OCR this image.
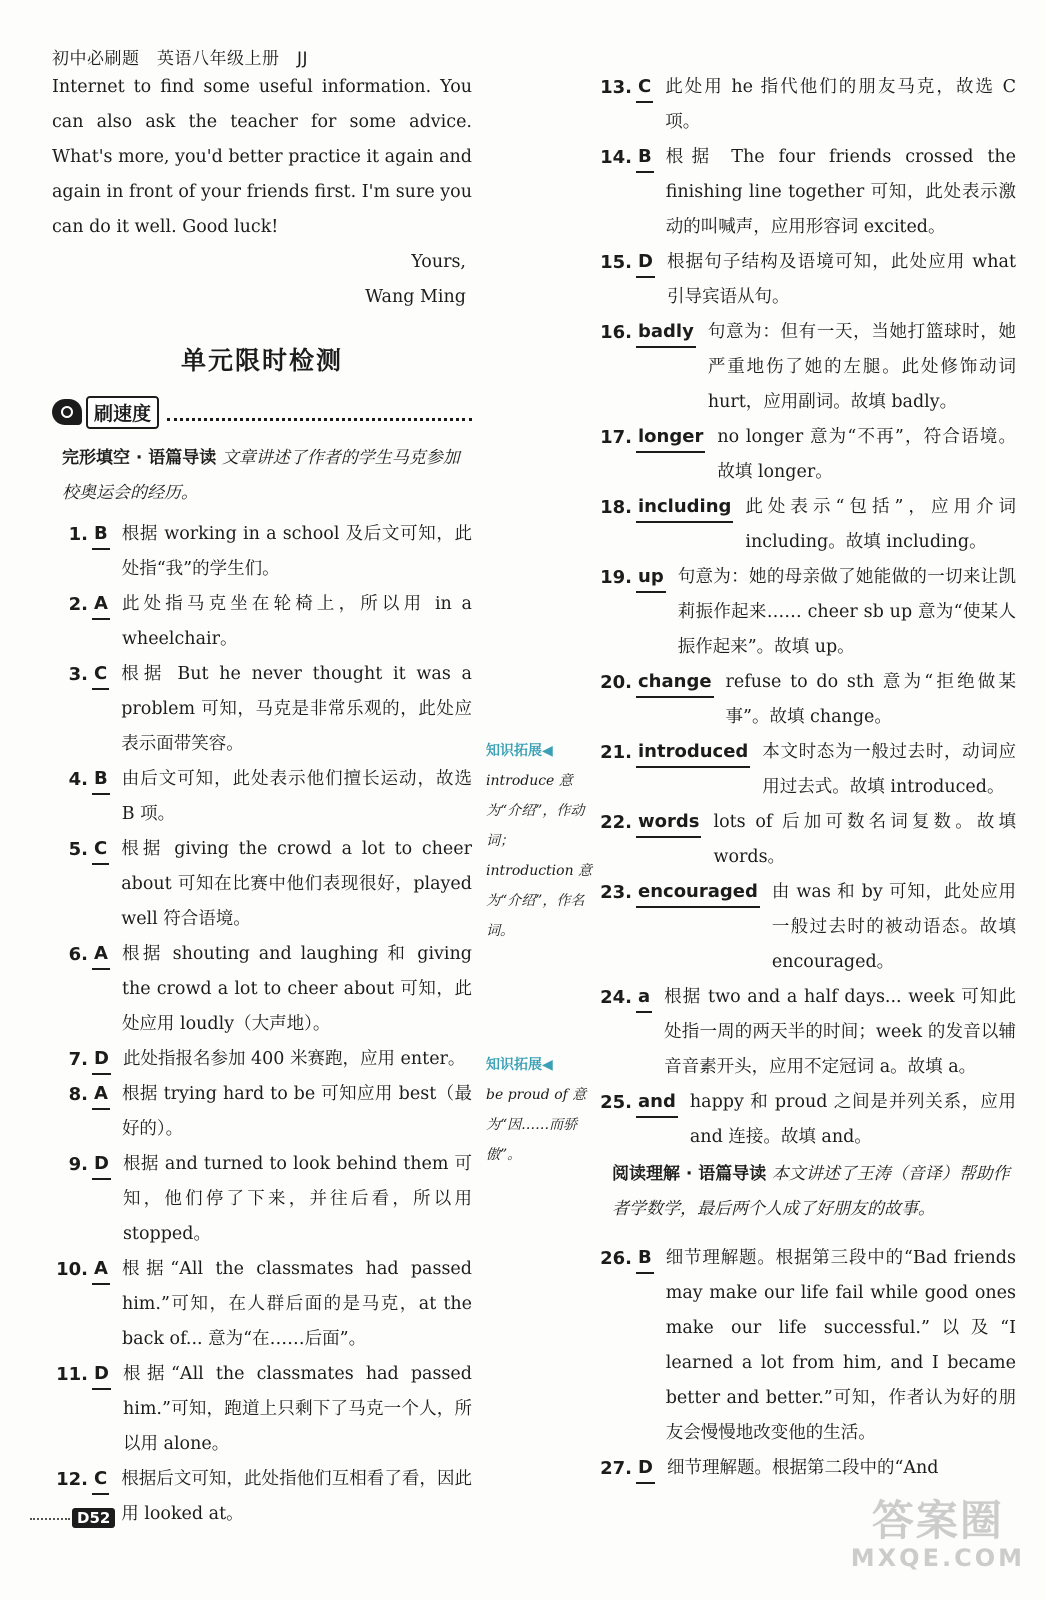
初中必刷题　英语八年级上册　JJ

Internet to find some useful information. You can also ask the teacher for some advice. What's more, you'd better practice it again and again in front of your friends first. I'm sure you can do it well. Good luck!

Yours,
Wang Ming
单元限时检测
刷速度

完形填空 · 语篇导读 文章讲述了作者的学生马克参加校奥运会的经历。

1. B 根据 working in a school 及后文可知，此处指“我”的学生们。
2. A 此处指马克坐在轮椅上，所以用 in a wheelchair。
3. C 根据 But he never thought it was a problem 可知，马克是非常乐观的，此处应表示面带笑容。
4. B 由后文可知，此处表示他们擅长运动，故选 B 项。
5. C 根据 giving the crowd a lot to cheer about 可知在比赛中他们表现很好，played well 符合语境。
6. A 根据 shouting and laughing 和 giving the crowd a lot to cheer about 可知，此处应用 loudly（大声地）。
7. D 此处指报名参加 400 米赛跑，应用 enter。
8. A 根据 trying hard to be 可知应用 best（最好的）。
9. D 根据 and turned to look behind them 可知，他们停了下来，并往后看，所以用 stopped。
10. A 根据“All the classmates had passed him.”可知，在人群后面的是马克，at the back of... 意为“在……后面”。
11. D 根据“All the classmates had passed him.”可知，跑道上只剩下了马克一个人，所以用 alone。
12. C 根据后文可知，此处指他们互相看了看，因此用 looked at。
13. C 此处用 he 指代他们的朋友马克，故选 C 项。
14. B 根据 The four friends crossed the finishing line together 可知，此处表示激动的叫喊声，应用形容词 excited。
15. D 根据句子结构及语境可知，此处应用 what 引导宾语从句。
16. badly 句意为：但有一天，当她打篮球时，她严重地伤了她的左腿。此处修饰动词 hurt，应用副词。故填 badly。
17. longer no longer 意为“不再”，符合语境。故填 longer。
18. including 此处表示“包括”，应用介词 including。故填 including。
19. up 句意为：她的母亲做了她能做的一切来让凯莉振作起来…… cheer sb up 意为“使某人振作起来”。故填 up。
20. change refuse to do sth 意为“拒绝做某事”。故填 change。
21. introduced 本文时态为一般过去时，动词应用过去式。故填 introduced。
22. words lots of 后加可数名词复数。故填 words。
23. encouraged 由 was 和 by 可知，此处应用一般过去时的被动语态。故填 encouraged。
24. a 根据 two and a half days... week 可知此处指一周的两天半的时间；week 的发音以辅音音素开头，应用不定冠词 a。故填 a。
25. and happy 和 proud 之间是并列关系，应用 and 连接。故填 and。

阅读理解 · 语篇导读 本文讲述了王涛（音译）帮助作者学数学，最后两个人成了好朋友的故事。

26. B 细节理解题。根据第三段中的“Bad friends may make our life fail while good ones make our life successful.”以及“I learned a lot from him, and I became better and better.”可知，作者认为好的朋友会慢慢地改变他的生活。
27. D 细节理解题。根据第二段中的“And
知识拓展◀
introduce 意为“介绍”，作动词；introduction 意为“介绍”，作名词。
知识拓展◀
be proud of 意为“因……而骄傲”。
D52	答案圈
MXQE.COM
